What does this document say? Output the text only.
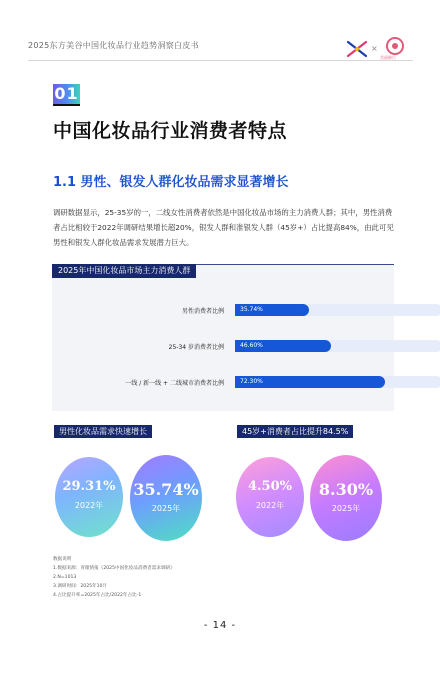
2025东方美谷中国化妆品行业趋势洞察白皮书	×
美丽修行
01
中国化妆品行业消费者特点
1.1 男性、银发人群化妆品需求显著增长
调研数据显示，25-35岁的一，二线女性消费者依然是中国化妆品市场的主力消费人群；其中，男性消费者占比相较于2022年调研结果增长超20%，银发人群和准银发人群（45岁+）占比提高84%，由此可见男性和银发人群化妆品需求发展潜力巨大。
男性消费者比例	35.74%
25-34 岁消费者比例	46.60%
一线 / 新一线 + 二线城市消费者比例	72.30%
2025年中国化妆品市场主力消费人群
男性化妆品需求快速增长	45岁+消费者占比提升84.5%
29.31%
2022年
35.74%
2025年
4.50%
2022年
8.30%
2025年
数据说明
1.数据来源：青眼情报《2025中国化妆品消费者需求调研》
2.N=1013
3.调研时间：2025年10月
4.占比提升率=2025年占比/2022年占比-1
- 14 -
